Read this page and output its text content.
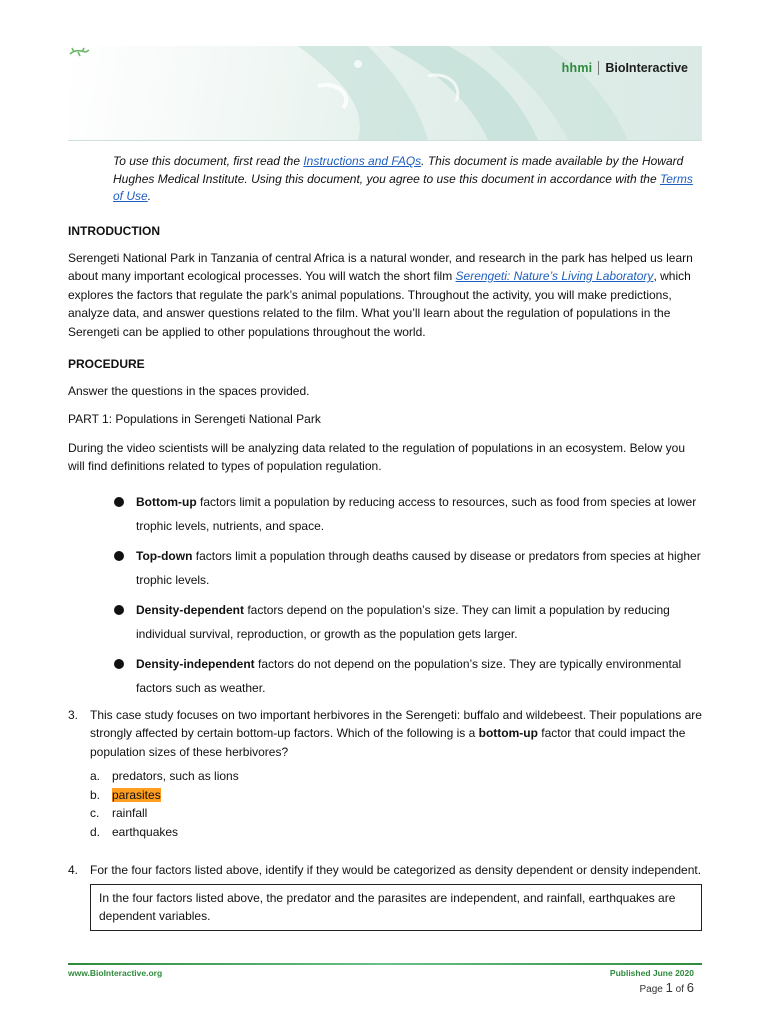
hhmi BioInteractive
To use this document, first read the Instructions and FAQs. This document is made available by the Howard Hughes Medical Institute. Using this document, you agree to use this document in accordance with the Terms of Use.
INTRODUCTION

Serengeti National Park in Tanzania of central Africa is a natural wonder, and research in the park has helped us learn about many important ecological processes. You will watch the short film Serengeti: Nature’s Living Laboratory, which explores the factors that regulate the park’s animal populations. Throughout the activity, you will make predictions, analyze data, and answer questions related to the film. What you’ll learn about the regulation of populations in the Serengeti can be applied to other populations throughout the world.

PROCEDURE

Answer the questions in the spaces provided.

PART 1: Populations in Serengeti National Park

During the video scientists will be analyzing data related to the regulation of populations in an ecosystem. Below you will find definitions related to types of population regulation.

Bottom-up factors limit a population by reducing access to resources, such as food from species at lower trophic levels, nutrients, and space.
Top-down factors limit a population through deaths caused by disease or predators from species at higher trophic levels.
Density-dependent factors depend on the population’s size. They can limit a population by reducing individual survival, reproduction, or growth as the population gets larger.
Density-independent factors do not depend on the population’s size. They are typically environmental factors such as weather.
3. This case study focuses on two important herbivores in the Serengeti: buffalo and wildebeest. Their populations are strongly affected by certain bottom-up factors. Which of the following is a bottom-up factor that could impact the population sizes of these herbivores?
a. predators, such as lions
b. parasites
c. rainfall
d. earthquakes
4. For the four factors listed above, identify if they would be categorized as density dependent or density independent.
In the four factors listed above, the predator and the parasites are independent, and rainfall, earthquakes are dependent variables.
www.BioInteractive.org	Published June 2020
Page 1 of 6
